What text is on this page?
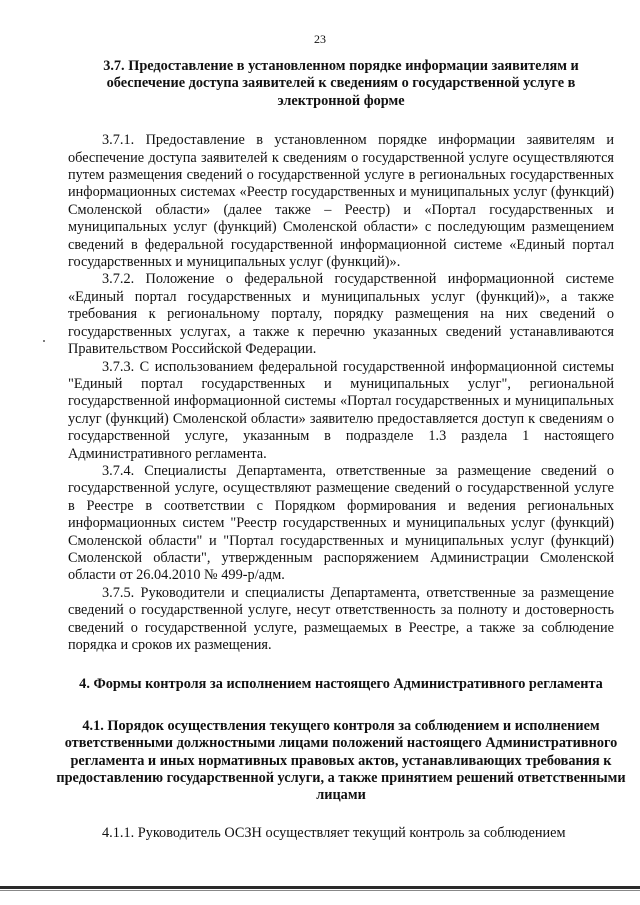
23

3.7. Предоставление в установленном порядке информации заявителям и обеспечение доступа заявителей к сведениям о государственной услуге в электронной форме

3.7.1. Предоставление в установленном порядке информации заявителям и обеспечение доступа заявителей к сведениям о государственной услуге осуществляются путем размещения сведений о государственной услуге в региональных государственных информационных системах «Реестр государственных и муниципальных услуг (функций) Смоленской области» (далее также – Реестр) и «Портал государственных и муниципальных услуг (функций) Смоленской области» с последующим размещением сведений в федеральной государственной информационной системе «Единый портал государственных и муниципальных услуг (функций)».

3.7.2. Положение о федеральной государственной информационной системе «Единый портал государственных и муниципальных услуг (функций)», а также требования к региональному порталу, порядку размещения на них сведений о государственных услугах, а также к перечню указанных сведений устанавливаются Правительством Российской Федерации.

3.7.3. С использованием федеральной государственной информационной системы "Единый портал государственных и муниципальных услуг", региональной государственной информационной системы «Портал государственных и муниципальных услуг (функций) Смоленской области» заявителю предоставляется доступ к сведениям о государственной услуге, указанным в подразделе 1.3 раздела 1 настоящего Административного регламента.

3.7.4. Специалисты Департамента, ответственные за размещение сведений о государственной услуге, осуществляют размещение сведений о государственной услуге в Реестре в соответствии с Порядком формирования и ведения региональных информационных систем "Реестр государственных и муниципальных услуг (функций) Смоленской области" и "Портал государственных и муниципальных услуг (функций) Смоленской области", утвержденным распоряжением Администрации Смоленской области от 26.04.2010 № 499-р/адм.

3.7.5. Руководители и специалисты Департамента, ответственные за размещение сведений о государственной услуге, несут ответственность за полноту и достоверность сведений о государственной услуге, размещаемых в Реестре, а также за соблюдение порядка и сроков их размещения.

4. Формы контроля за исполнением настоящего Административного регламента

4.1. Порядок осуществления текущего контроля за соблюдением и исполнением ответственными должностными лицами положений настоящего Административного регламента и иных нормативных правовых актов, устанавливающих требования к предоставлению государственной услуги, а также принятием решений ответственными лицами

4.1.1. Руководитель ОСЗН осуществляет текущий контроль за соблюдением
